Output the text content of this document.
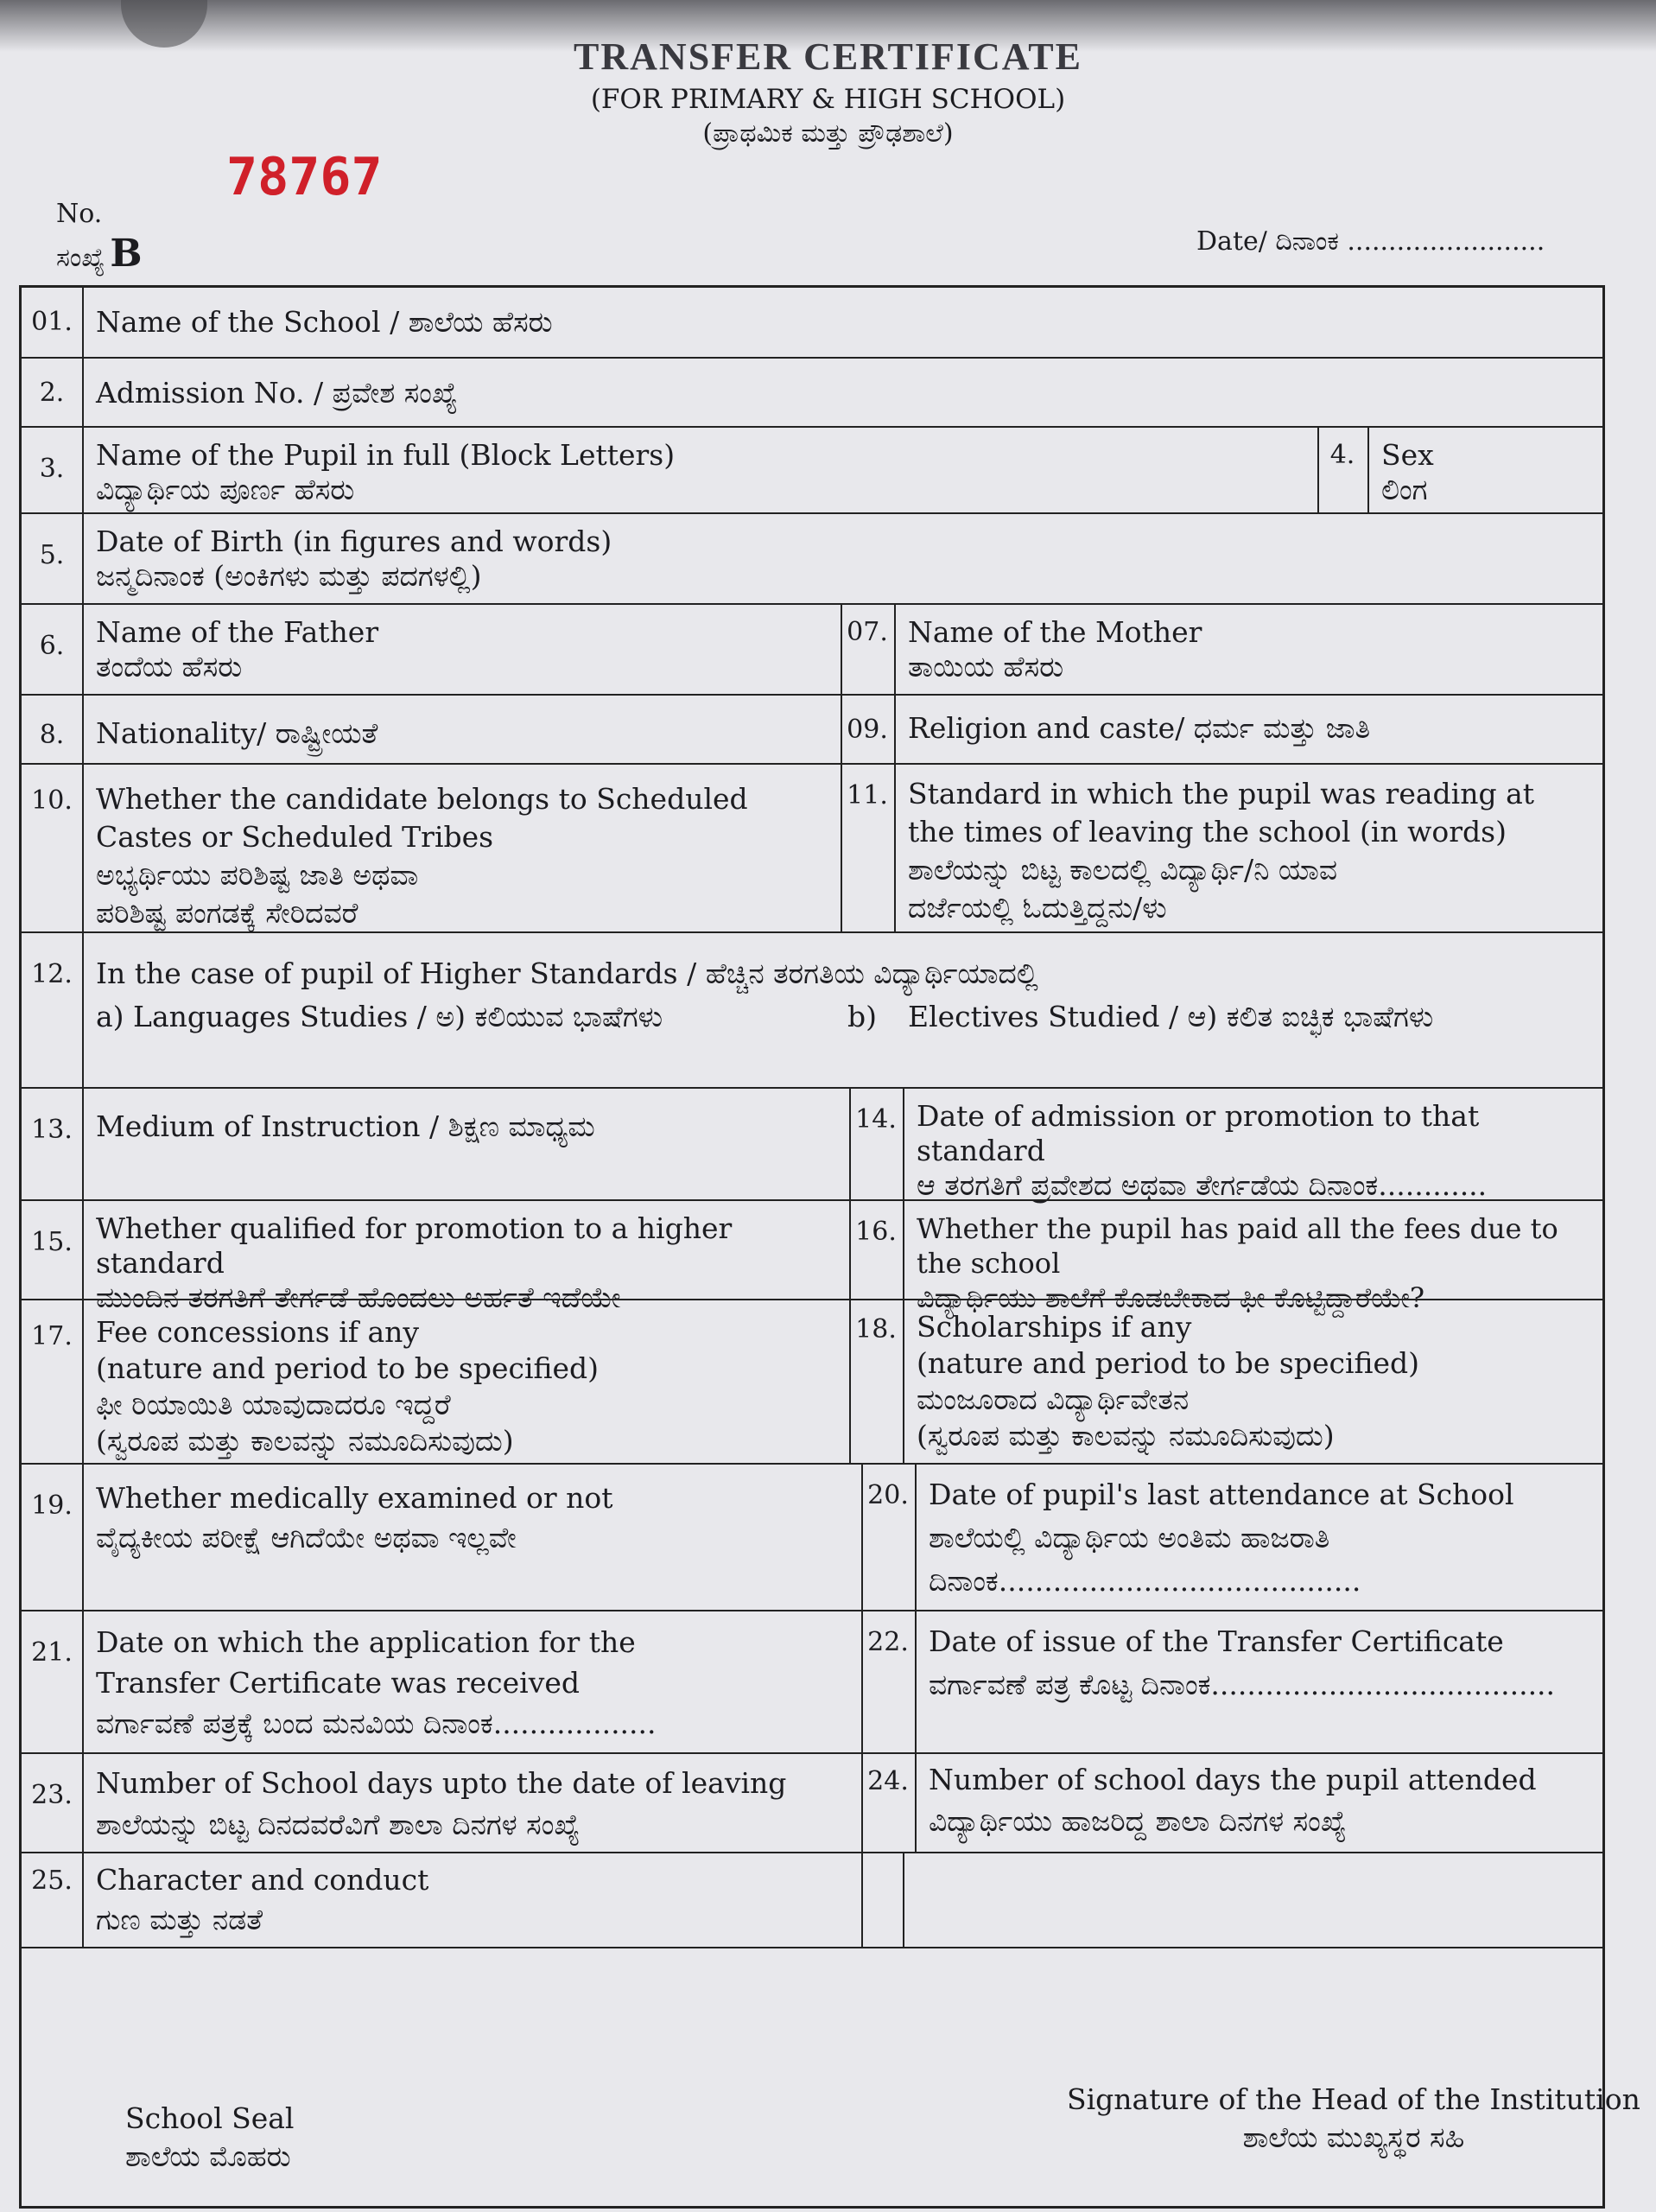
TRANSFER CERTIFICATE
(FOR PRIMARY & HIGH SCHOOL)
(ಪ್ರಾಥಮಿಕ ಮತ್ತು ಪ್ರೌಢಶಾಲೆ)
78767
No.
ಸಂಖ್ಯೆ B	Date/ ದಿನಾಂಕ ........................
01. Name of the School / ಶಾಲೆಯ ಹೆಸರು
2.	Admission No. / ಪ್ರವೇಶ ಸಂಖ್ಯೆ
3.	Name of the Pupil in full (Block Letters)
ವಿದ್ಯಾರ್ಥಿಯ ಪೂರ್ಣ ಹೆಸರು
4. Sex
ಲಿಂಗ
5.	Date of Birth (in figures and words)
ಜನ್ಮದಿನಾಂಕ (ಅಂಕಿಗಳು ಮತ್ತು ಪದಗಳಲ್ಲಿ)
6.	Name of the Father
ತಂದೆಯ ಹೆಸರು
07. Name of the Mother
ತಾಯಿಯ ಹೆಸರು
8.	Nationality/ ರಾಷ್ಟ್ರೀಯತೆ	09. Religion and caste/ ಧರ್ಮ ಮತ್ತು ಜಾತಿ
10. Whether the candidate belongs to Scheduled
Castes or Scheduled Tribes
ಅಭ್ಯರ್ಥಿಯು ಪರಿಶಿಷ್ಟ ಜಾತಿ ಅಥವಾ
ಪರಿಶಿಷ್ಟ ಪಂಗಡಕ್ಕೆ ಸೇರಿದವರೆ
11. Standard in which the pupil was reading at
the times of leaving the school (in words)
ಶಾಲೆಯನ್ನು ಬಿಟ್ಟ ಕಾಲದಲ್ಲಿ ವಿದ್ಯಾರ್ಥಿ/ನಿ ಯಾವ
ದರ್ಜೆಯಲ್ಲಿ ಓದುತ್ತಿದ್ದನು/ಳು
12. In the case of pupil of Higher Standards / ಹೆಚ್ಚಿನ ತರಗತಿಯ ವಿದ್ಯಾರ್ಥಿಯಾದಲ್ಲಿ
a) Languages Studies / ಅ) ಕಲಿಯುವ ಭಾಷೆಗಳು	b) Electives Studied / ಆ) ಕಲಿತ ಐಚ್ಛಿಕ ಭಾಷೆಗಳು
13. Medium of Instruction / ಶಿಕ್ಷಣ ಮಾಧ್ಯಮ	14. Date of admission or promotion to that standard
ಆ ತರಗತಿಗೆ ಪ್ರವೇಶದ ಅಥವಾ ತೇರ್ಗಡೆಯ ದಿನಾಂಕ............
15. Whether qualified for promotion to a higher standard
ಮುಂದಿನ ತರಗತಿಗೆ ತೇರ್ಗಡೆ ಹೊಂದಲು ಅರ್ಹತೆ ಇದೆಯೇ
16. Whether the pupil has paid all the fees due to the school
ವಿದ್ಯಾರ್ಥಿಯು ಶಾಲೆಗೆ ಕೊಡಬೇಕಾದ ಫೀ ಕೊಟ್ಟಿದ್ದಾರೆಯೇ?
17. Fee concessions if any
(nature and period to be specified)
ಫೀ ರಿಯಾಯಿತಿ ಯಾವುದಾದರೂ ಇದ್ದರೆ
(ಸ್ವರೂಪ ಮತ್ತು ಕಾಲವನ್ನು ನಮೂದಿಸುವುದು)
18. Scholarships if any
(nature and period to be specified)
ಮಂಜೂರಾದ ವಿದ್ಯಾರ್ಥಿವೇತನ
(ಸ್ವರೂಪ ಮತ್ತು ಕಾಲವನ್ನು ನಮೂದಿಸುವುದು)
19. Whether medically examined or not
ವೈದ್ಯಕೀಯ ಪರೀಕ್ಷೆ ಆಗಿದೆಯೇ ಅಥವಾ ಇಲ್ಲವೇ
20. Date of pupil's last attendance at School
ಶಾಲೆಯಲ್ಲಿ ವಿದ್ಯಾರ್ಥಿಯ ಅಂತಿಮ ಹಾಜರಾತಿ
ದಿನಾಂಕ........................................
21. Date on which the application for the
Transfer Certificate was received
ವರ್ಗಾವಣೆ ಪತ್ರಕ್ಕೆ ಬಂದ ಮನವಿಯ ದಿನಾಂಕ..................
22. Date of issue of the Transfer Certificate
ವರ್ಗಾವಣೆ ಪತ್ರ ಕೊಟ್ಟ ದಿನಾಂಕ......................................
23. Number of School days upto the date of leaving
ಶಾಲೆಯನ್ನು ಬಿಟ್ಟ ದಿನದವರೆವಿಗೆ ಶಾಲಾ ದಿನಗಳ ಸಂಖ್ಯೆ
24. Number of school days the pupil attended
ವಿದ್ಯಾರ್ಥಿಯು ಹಾಜರಿದ್ದ ಶಾಲಾ ದಿನಗಳ ಸಂಖ್ಯೆ
25. Character and conduct
ಗುಣ ಮತ್ತು ನಡತೆ
School Seal
ಶಾಲೆಯ ಮೊಹರು
Signature of the Head of the Institution
ಶಾಲೆಯ ಮುಖ್ಯಸ್ಥರ ಸಹಿ
